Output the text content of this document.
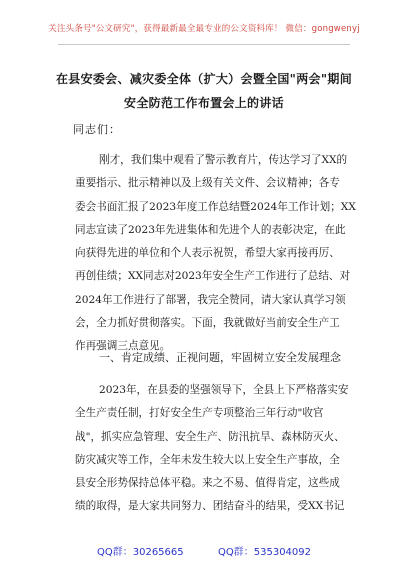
关注头条号"公文研究"，获得最新最全最专业的公文资料库！ 微信：gongwenyj
在县安委会、减灾委全体（扩大）会暨全国"两会"期间
安全防范工作布置会上的讲话
同志们：
刚才，我们集中观看了警示教育片，传达学习了XX的
重要指示、批示精神以及上级有关文件、会议精神；各专
委会书面汇报了2023年度工作总结暨2024年工作计划；XX
同志宣读了2023年先进集体和先进个人的表彰决定，在此
向获得先进的单位和个人表示祝贺，希望大家再接再厉、
再创佳绩；XX同志对2023年安全生产工作进行了总结、对
2024年工作进行了部署，我完全赞同，请大家认真学习领
会，全力抓好贯彻落实。下面，我就做好当前安全生产工
作再强调三点意见。
一、肯定成绩、正视问题，牢固树立安全发展理念
2023年，在县委的坚强领导下，全县上下严格落实安
全生产责任制，打好安全生产专项整治三年行动"收官
战"，抓实应急管理、安全生产、防汛抗旱、森林防灭火、
防灾减灾等工作，全年未发生较大以上安全生产事故，全
县安全形势保持总体平稳。来之不易、值得肯定，这些成
绩的取得，是大家共同努力、团结奋斗的结果，受XX书记
QQ群：30265665	QQ群：535304092
